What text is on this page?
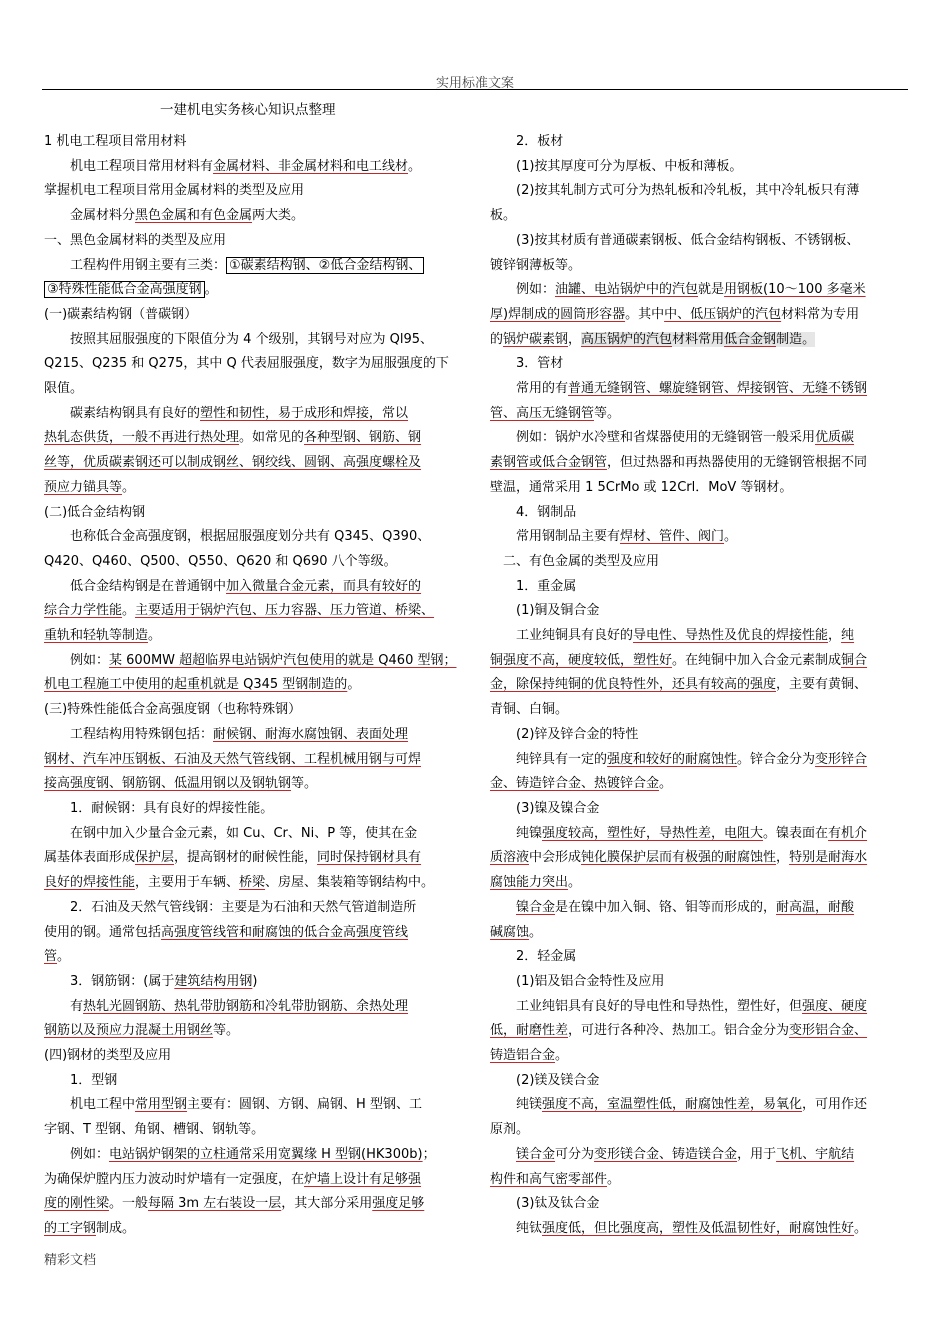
实用标准文案
一建机电实务核心知识点整理

1 机电工程项目常用材料

　　机电工程项目常用材料有金属材料、非金属材料和电工线材。

掌握机电工程项目常用金属材料的类型及应用

　　金属材料分黑色金属和有色金属两大类。

一、黑色金属材料的类型及应用

　　工程构件用钢主要有三类： ①碳素结构钢、②低合金结构钢、

③特殊性能低合金高强度钢 。

(一)碳素结构钢（普碳钢）

　　按照其屈服强度的下限值分为 4 个级别，其钢号对应为 Ql95、

Q215、Q235 和 Q275，其中 Q 代表屈服强度，数字为屈服强度的下

限值。

　　碳素结构钢具有良好的塑性和韧性，易于成形和焊接，常以

热轧态供货，一般不再进行热处理。如常见的各种型钢、钢筋、钢

丝等，优质碳素钢还可以制成钢丝、钢绞线、圆钢、高强度螺栓及

预应力锚具等。

(二)低合金结构钢

　　也称低合金高强度钢，根据屈服强度划分共有 Q345、Q390、

Q420、Q460、Q500、Q550、Q620 和 Q690 八个等级。

　　低合金结构钢是在普通钢中加入微量合金元素，而具有较好的

综合力学性能。主要适用于锅炉汽包、压力容器、压力管道、桥梁、

重轨和轻轨等制造。

　　例如：某 600MW 超超临界电站锅炉汽包使用的就是 Q460 型钢；

机电工程施工中使用的起重机就是 Q345 型钢制造的。

(三)特殊性能低合金高强度钢（也称特殊钢）

　　工程结构用特殊钢包括：耐候钢、耐海水腐蚀钢、表面处理

钢材、汽车冲压钢板、石油及天然气管线钢、工程机械用钢与可焊

接高强度钢、钢筋钢、低温用钢以及钢轨钢等。

　　1．耐候钢：具有良好的焊接性能。

　　在钢中加入少量合金元素，如 Cu、Cr、Ni、P 等，使其在金

属基体表面形成保护层，提高钢材的耐候性能，同时保持钢材具有

良好的焊接性能，主要用于车辆、桥梁、房屋、集装箱等钢结构中。

　　2．石油及天然气管线钢：主要是为石油和天然气管道制造所

使用的钢。通常包括高强度管线管和耐腐蚀的低合金高强度管线

管。

　　3．钢筋钢：(属于建筑结构用钢)

　　有热轧光圆钢筋、热轧带肋钢筋和冷轧带肋钢筋、余热处理

钢筋以及预应力混凝土用钢丝等。

(四)钢材的类型及应用

　　1．型钢

　　机电工程中常用型钢主要有：圆钢、方钢、扁钢、H 型钢、工

字钢、T 型钢、角钢、槽钢、钢轨等。

　　例如：电站锅炉钢架的立柱通常采用宽翼缘 H 型钢(HK300b)；

为确保炉膛内压力波动时炉墙有一定强度，在炉墙上设计有足够强

度的刚性梁。一般每隔 3m 左右装设一层，其大部分采用强度足够

的工字钢制成。

　　2．板材

　　(1)按其厚度可分为厚板、中板和薄板。

　　(2)按其轧制方式可分为热轧板和冷轧板，其中冷轧板只有薄

板。

　　(3)按其材质有普通碳素钢板、低合金结构钢板、不锈钢板、

镀锌钢薄板等。

　　例如：油罐、电站锅炉中的汽包就是用钢板(10～100 多毫米

厚)焊制成的圆筒形容器。其中中、低压锅炉的汽包材料常为专用

的锅炉碳素钢，高压锅炉的汽包材料常用低合金钢制造。

　　3．管材

　　常用的有普通无缝钢管、螺旋缝钢管、焊接钢管、无缝不锈钢

管、高压无缝钢管等。

　　例如：锅炉水冷壁和省煤器使用的无缝钢管一般采用优质碳

素钢管或低合金钢管，但过热器和再热器使用的无缝钢管根据不同

壁温，通常采用 1 5CrMo 或 12Crl．MoV 等钢材。

　　4．钢制品

　　常用钢制品主要有焊材、管件、阀门。

　二、有色金属的类型及应用

　　1．重金属

　　(1)铜及铜合金

　　工业纯铜具有良好的导电性、导热性及优良的焊接性能，纯

铜强度不高，硬度较低，塑性好。在纯铜中加入合金元素制成铜合

金，除保持纯铜的优良特性外，还具有较高的强度，主要有黄铜、

青铜、白铜。

　　(2)锌及锌合金的特性

　　纯锌具有一定的强度和较好的耐腐蚀性。锌合金分为变形锌合

金、铸造锌合金、热镀锌合金。

　　(3)镍及镍合金

　　纯镍强度较高，塑性好，导热性差，电阻大。镍表面在有机介

质溶液中会形成钝化膜保护层而有极强的耐腐蚀性，特别是耐海水

腐蚀能力突出。

　　镍合金是在镍中加入铜、铬、钼等而形成的，耐高温，耐酸

碱腐蚀。

　　2．轻金属

　　(1)铝及铝合金特性及应用

　　工业纯铝具有良好的导电性和导热性，塑性好，但强度、硬度

低，耐磨性差，可进行各种冷、热加工。铝合金分为变形铝合金、

铸造铝合金。

　　(2)镁及镁合金

　　纯镁强度不高，室温塑性低，耐腐蚀性差，易氧化，可用作还

原剂。

　　镁合金可分为变形镁合金、铸造镁合金，用于飞机、宇航结

构件和高气密零部件。

　　(3)钛及钛合金

　　纯钛强度低，但比强度高，塑性及低温韧性好，耐腐蚀性好。

精彩文档
